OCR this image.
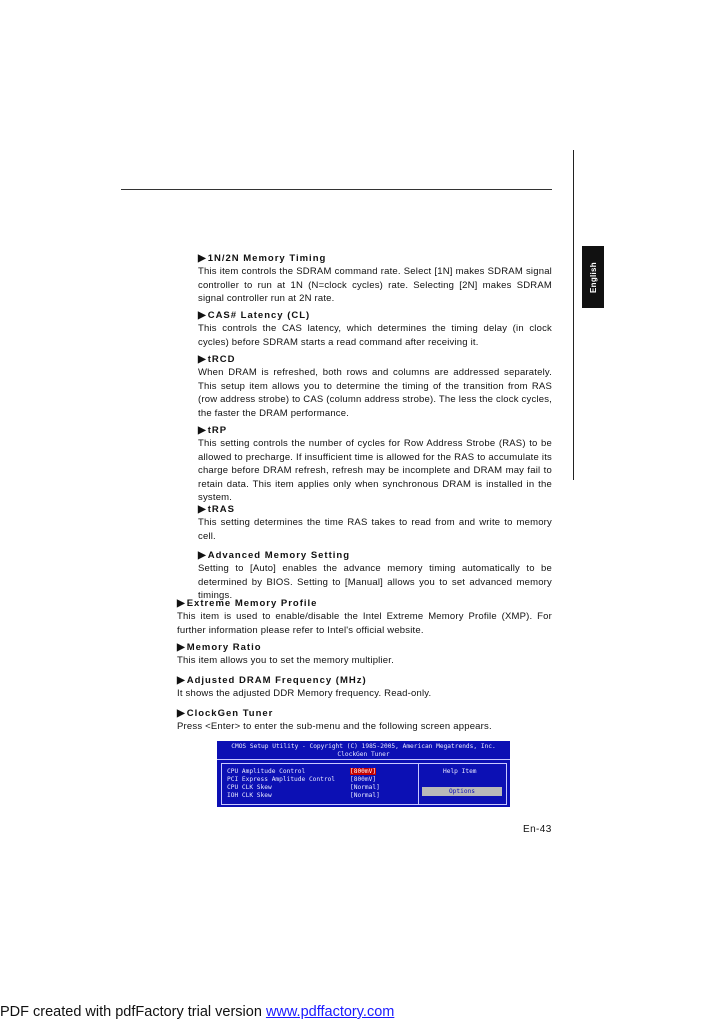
English
▶ 1N/2N Memory Timing

This item controls the SDRAM command rate. Select [1N] makes SDRAM signal controller to run at 1N (N=clock cycles) rate. Selecting [2N] makes SDRAM signal controller run at 2N rate.

▶ CAS# Latency (CL)

This controls the CAS latency, which determines the timing delay (in clock cycles) before SDRAM starts a read command after receiving it.

▶ tRCD

When DRAM is refreshed, both rows and columns are addressed separately. This setup item allows you to determine the timing of the transition from RAS (row address strobe) to CAS (column address strobe). The less the clock cycles, the faster the DRAM performance.

▶ tRP

This setting controls the number of cycles for Row Address Strobe (RAS) to be allowed to precharge. If insufficient time is allowed for the RAS to accumulate its charge before DRAM refresh, refresh may be incomplete and DRAM may fail to retain data. This item applies only when synchronous DRAM is installed in the system.

▶ tRAS

This setting determines the time RAS takes to read from and write to memory cell.

▶ Advanced Memory Setting

Setting to [Auto] enables the advance memory timing automatically to be determined by BIOS. Setting to [Manual] allows you to set advanced memory timings.

▶ Extreme Memory Profile

This item is used to enable/disable the Intel Extreme Memory Profile (XMP). For further information please refer to Intel's official website.

▶ Memory Ratio

This item allows you to set the memory multiplier.

▶ Adjusted DRAM Frequency (MHz)

It shows the adjusted DDR Memory frequency. Read-only.

▶ ClockGen Tuner

Press <Enter> to enter the sub-menu and the following screen appears.

CMOS Setup Utility - Copyright (C) 1985-2005, American Megatrends, Inc.
ClockGen Tuner
CPU Amplitude Control	[800mV]
PCI Express Amplitude Control [800mV]
CPU CLK Skew	[Normal]
IOH CLK Skew	[Normal]
Help Item
Options
En-43
PDF created with pdfFactory trial version www.pdffactory.com
